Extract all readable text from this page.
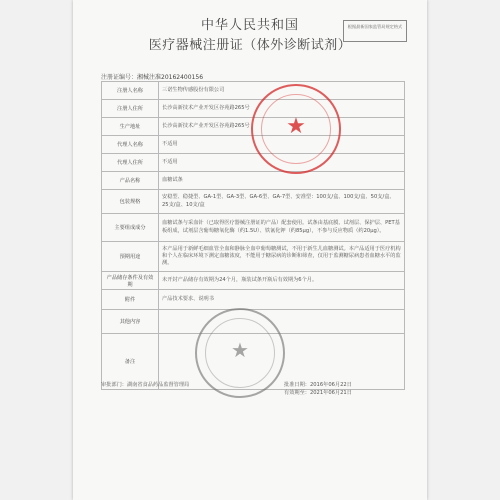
根据最新国家监管局规定格式
中华人民共和国
医疗器械注册证（体外诊断试剂）
注册证编号：湘械注准20162400156
注册人名称	三诺生物传感股份有限公司
注册人住所	长沙高新技术产业开发区谷苑路265号
生产地址	长沙高新技术产业开发区谷苑路265号
代理人名称	不适用
代理人住所	不适用
产品名称	血糖试条
包装规格	安稳型、稳捷型、GA-1型、GA-3型、GA-6型、GA-7型、安准型：100支/盒、100支/盒、50支/盒、25支/盒、10支/盒
主要组成成分	血糖试条与采血针（已取得医疗器械注册证的产品）配套使用。试条由基底膜、试剂层、保护层、PET基板组成，试剂层含葡萄糖氧化酶（约1.5U）、铁氰化钾（约85μg），不参与反应物质（约20μg）。
预期用途	本产品用于新鲜毛细血管全血和静脉全血中葡萄糖测试，不用于新生儿血糖测试。本产品适用于医疗机构和个人在临床环境下测定血糖浓度，不能用于糖尿病的诊断和筛查，仅用于监测糖尿病患者血糖水平的监测。
产品储存条件及有效期	未开封产品储存有效期为24个月，瓶装试条开瓶后有效期为6个月。
附件	产品技术要求、说明书
其他内容	
备注	
审批部门：湖南省食品药品监督管理局	批准日期：2016年06月22日
有效期至：2021年06月21日
★
★
